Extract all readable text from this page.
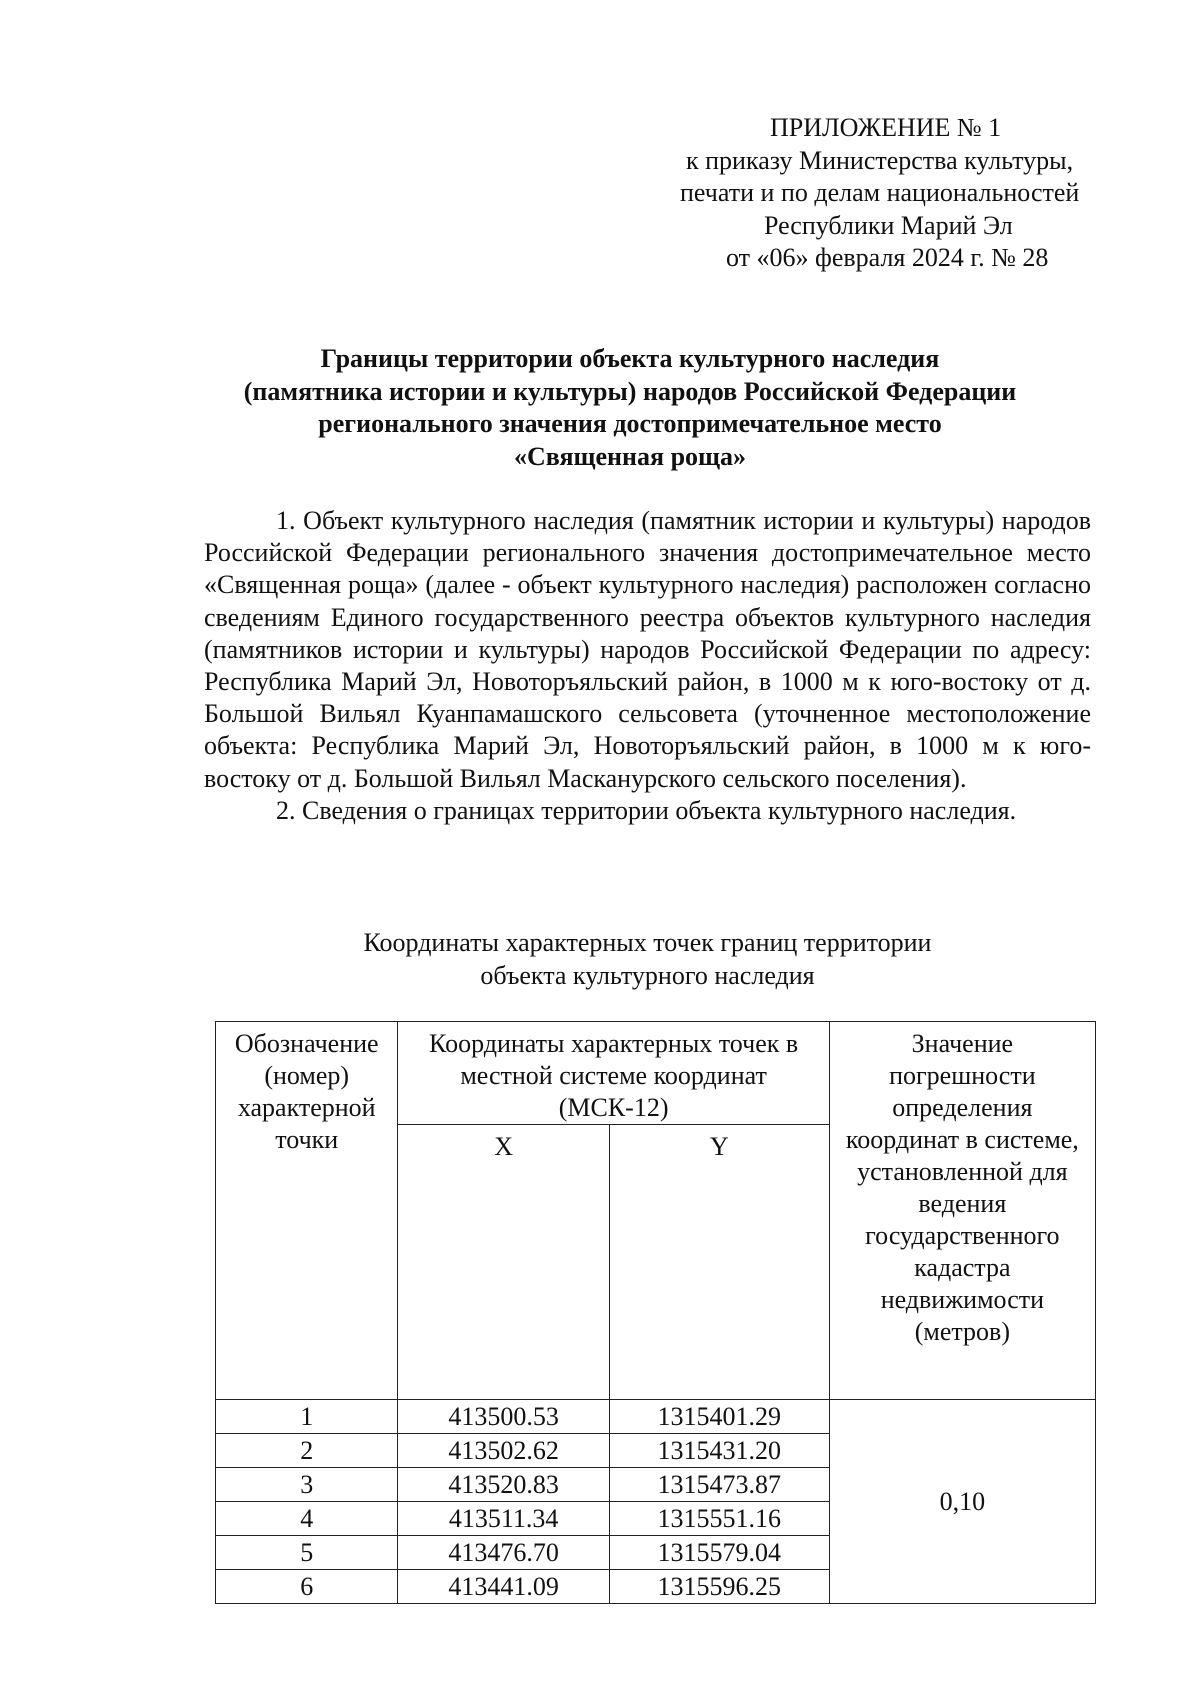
ПРИЛОЖЕНИЕ № 1
к приказу Министерства культуры,
печати и по делам национальностей
Республики Марий Эл
от «06» февраля 2024 г. № 28
Границы территории объекта культурного наследия
(памятника истории и культуры) народов Российской Федерации
регионального значения достопримечательное место
«Священная роща»

1. Объект культурного наследия (памятник истории и культуры) народов Российской Федерации регионального значения достопримечательное место «Священная роща» (далее - объект культурного наследия) расположен согласно сведениям Единого государственного реестра объектов культурного наследия (памятников истории и культуры) народов Российской Федерации по адресу: Республика Марий Эл, Новоторъяльский район, в 1000 м к юго-востоку от д. Большой Вильял Куанпамашского сельсовета (уточненное местоположение объекта: Республика Марий Эл, Новоторъяльский район, в 1000 м к юго-востоку от д. Большой Вильял Масканурского сельского поселения).

2. Сведения о границах территории объекта культурного наследия.

Координаты характерных точек границ территории
объекта культурного наследия
Обозначение (номер) характерной точки	Координаты характерных точек в местной системе координат (МСК-12)		Значение погрешности определения координат в системе, установленной для ведения государственного кадастра недвижимости (метров)
	X	Y	
1	413500.53	1315401.29	0,10
2	413502.62	1315431.20	
3	413520.83	1315473.87	
4	413511.34	1315551.16	
5	413476.70	1315579.04	
6	413441.09	1315596.25	
